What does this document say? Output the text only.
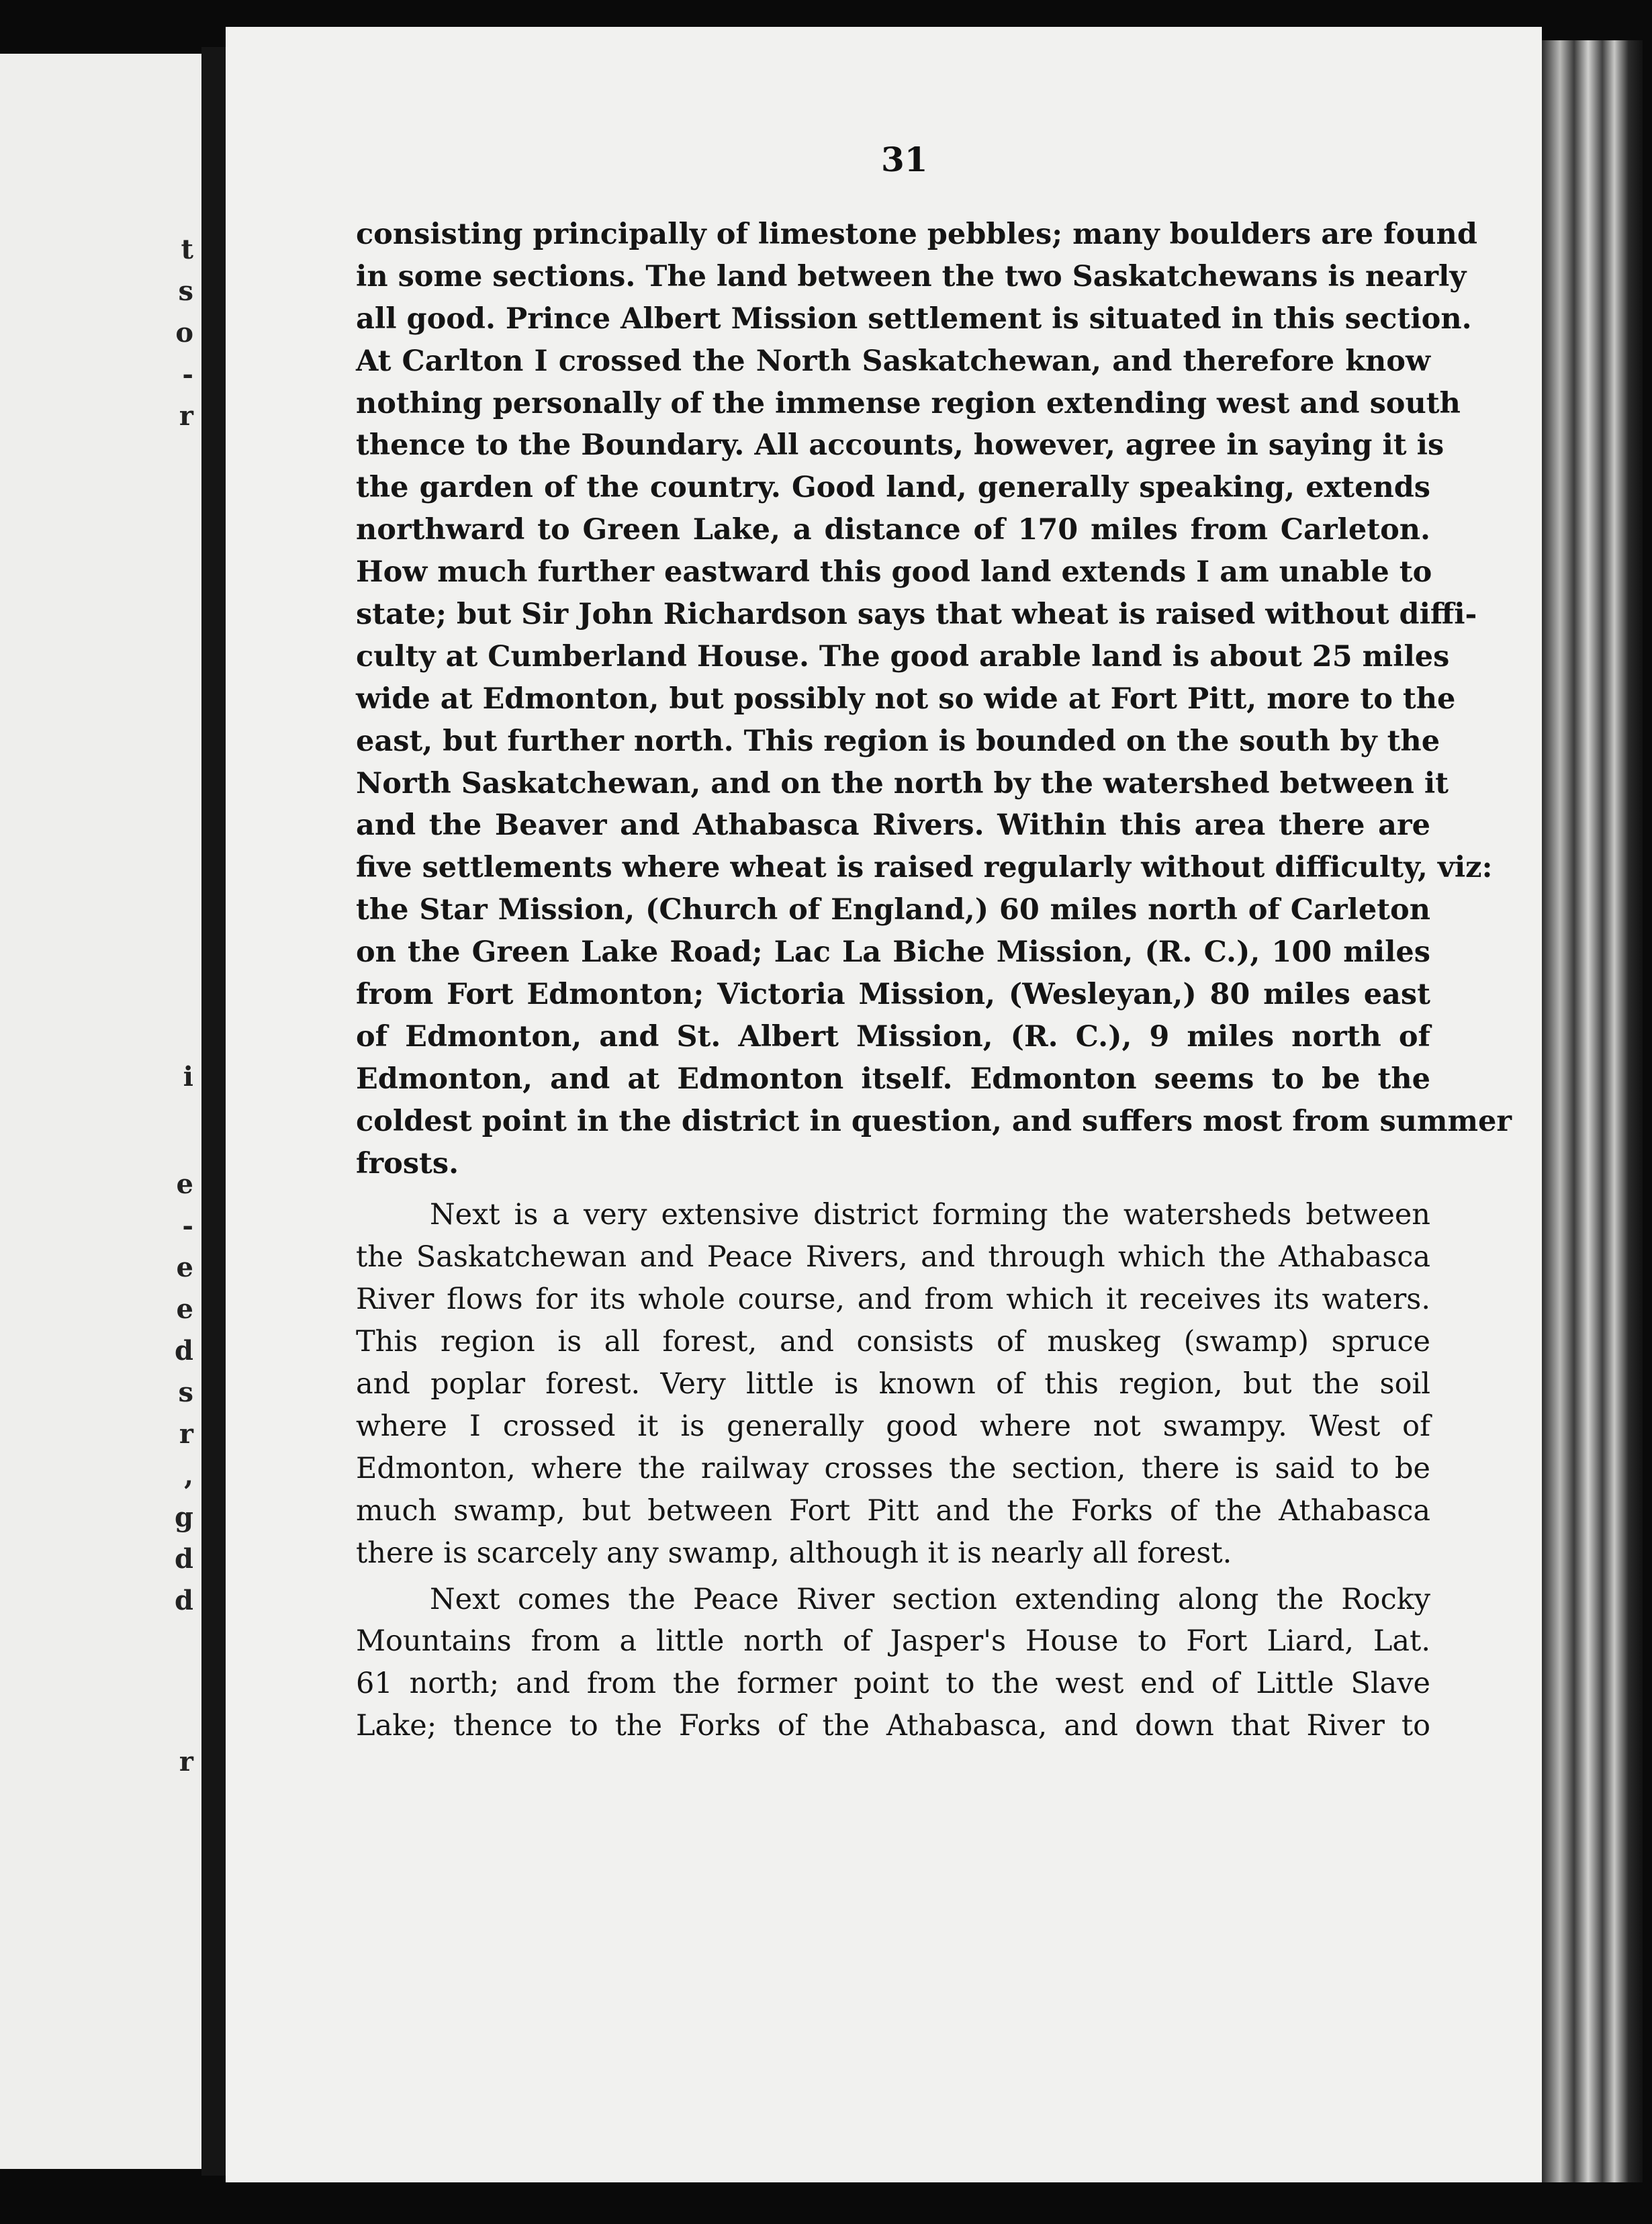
t
s
o
-
r
i
e
-
e
e
d
s
r
,
g
d
d
r
31
consisting principally of limestone pebbles; many boulders are found
in some sections. The land between the two Saskatchewans is nearly
all good. Prince Albert Mission settlement is situated in this section.
At Carlton I crossed the North Saskatchewan, and therefore know
nothing personally of the immense region extending west and south
thence to the Boundary. All accounts, however, agree in saying it is
the garden of the country. Good land, generally speaking, extends
northward to Green Lake, a distance of 170 miles from Carleton.
How much further eastward this good land extends I am unable to
state; but Sir John Richardson says that wheat is raised without diffi-
culty at Cumberland House. The good arable land is about 25 miles
wide at Edmonton, but possibly not so wide at Fort Pitt, more to the
east, but further north. This region is bounded on the south by the
North Saskatchewan, and on the north by the watershed between it
and the Beaver and Athabasca Rivers. Within this area there are
five settlements where wheat is raised regularly without difficulty, viz:
the Star Mission, (Church of England,) 60 miles north of Carleton
on the Green Lake Road; Lac La Biche Mission, (R. C.), 100 miles
from Fort Edmonton; Victoria Mission, (Wesleyan,) 80 miles east
of Edmonton, and St. Albert Mission, (R. C.), 9 miles north of
Edmonton, and at Edmonton itself. Edmonton seems to be the
coldest point in the district in question, and suffers most from summer
frosts.
Next is a very extensive district forming the watersheds between
the Saskatchewan and Peace Rivers, and through which the Athabasca
River flows for its whole course, and from which it receives its waters.
This region is all forest, and consists of muskeg (swamp) spruce
and poplar forest. Very little is known of this region, but the soil
where I crossed it is generally good where not swampy. West of
Edmonton, where the railway crosses the section, there is said to be
much swamp, but between Fort Pitt and the Forks of the Athabasca
there is scarcely any swamp, although it is nearly all forest.
Next comes the Peace River section extending along the Rocky
Mountains from a little north of Jasper's House to Fort Liard, Lat.
61 north; and from the former point to the west end of Little Slave
Lake; thence to the Forks of the Athabasca, and down that River to
